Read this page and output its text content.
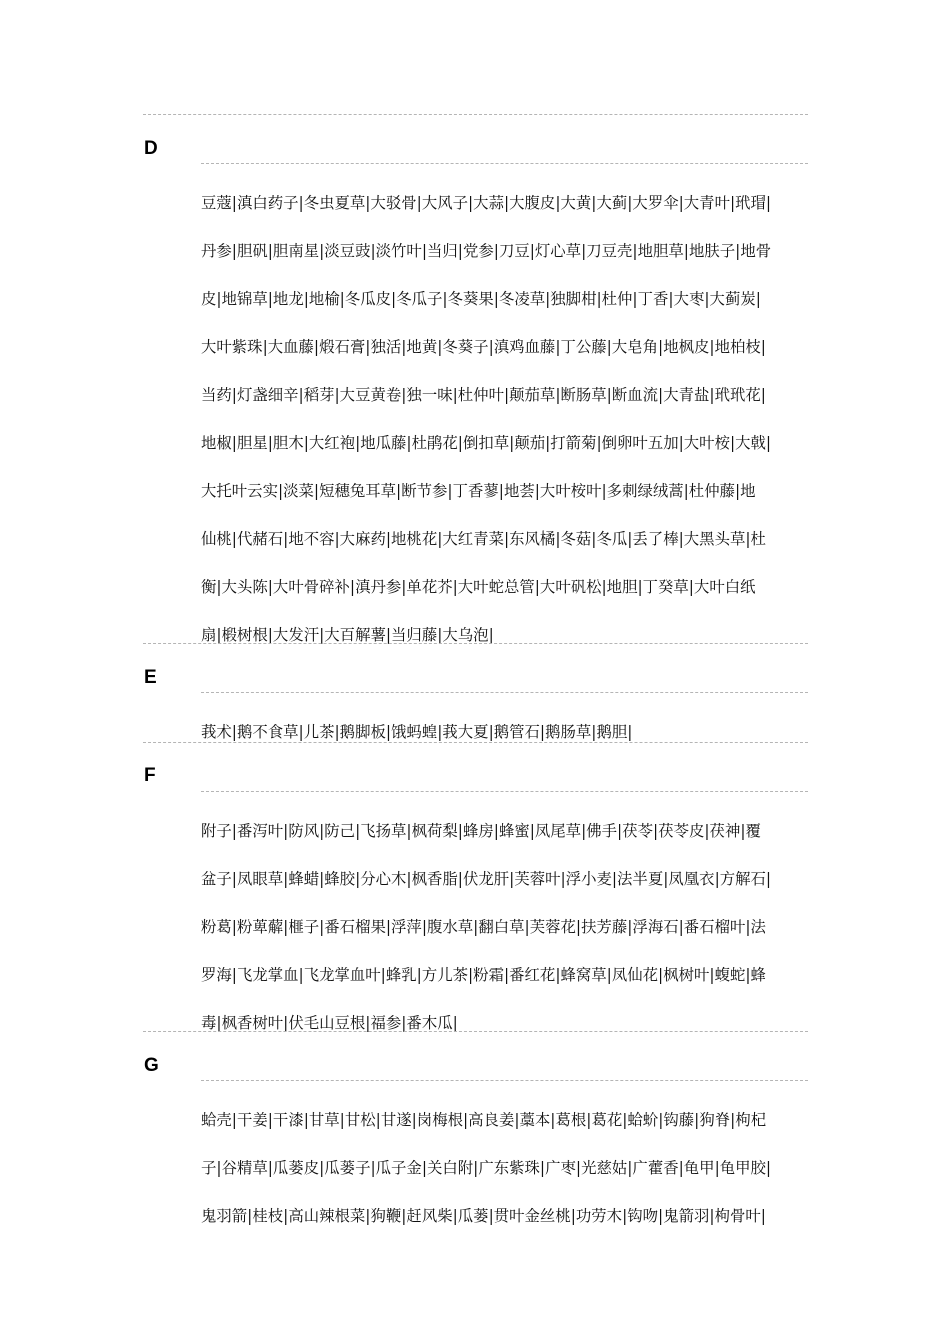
D
豆蔻|滇白药子|冬虫夏草|大驳骨|大风子|大蒜|大腹皮|大黄|大蓟|大罗伞|大青叶|玳瑁|
丹参|胆矾|胆南星|淡豆豉|淡竹叶|当归|党参|刀豆|灯心草|刀豆壳|地胆草|地肤子|地骨
皮|地锦草|地龙|地榆|冬瓜皮|冬瓜子|冬葵果|冬凌草|独脚柑|杜仲|丁香|大枣|大蓟炭|
大叶紫珠|大血藤|煅石膏|独活|地黄|冬葵子|滇鸡血藤|丁公藤|大皂角|地枫皮|地柏枝|
当药|灯盏细辛|稻芽|大豆黄卷|独一味|杜仲叶|颠茄草|断肠草|断血流|大青盐|玳玳花|
地椒|胆星|胆木|大红袍|地瓜藤|杜鹃花|倒扣草|颠茄|打箭菊|倒卵叶五加|大叶桉|大戟|
大托叶云实|淡菜|短穗兔耳草|断节参|丁香蓼|地荟|大叶桉叶|多刺绿绒蒿|杜仲藤|地
仙桃|代赭石|地不容|大麻药|地桃花|大红青菜|东风橘|冬菇|冬瓜|丢了棒|大黑头草|杜
衡|大头陈|大叶骨碎补|滇丹参|单花芥|大叶蛇总管|大叶矾松|地胆|丁癸草|大叶白纸
扇|椴树根|大发汗|大百解薯|当归藤|大乌泡|
E
莪术|鹅不食草|儿茶|鹅脚板|饿蚂蝗|莪大夏|鹅管石|鹅肠草|鹅胆|
F
附子|番泻叶|防风|防己|飞扬草|枫荷梨|蜂房|蜂蜜|凤尾草|佛手|茯苓|茯苓皮|茯神|覆
盆子|凤眼草|蜂蜡|蜂胶|分心木|枫香脂|伏龙肝|芙蓉叶|浮小麦|法半夏|凤凰衣|方解石|
粉葛|粉萆薢|榧子|番石榴果|浮萍|腹水草|翻白草|芙蓉花|扶芳藤|浮海石|番石榴叶|法
罗海|飞龙掌血|飞龙掌血叶|蜂乳|方儿茶|粉霜|番红花|蜂窝草|凤仙花|枫树叶|蝮蛇|蜂
毒|枫香树叶|伏毛山豆根|福参|番木瓜|
G
蛤壳|干姜|干漆|甘草|甘松|甘遂|岗梅根|高良姜|藁本|葛根|葛花|蛤蚧|钩藤|狗脊|枸杞
子|谷精草|瓜蒌皮|瓜蒌子|瓜子金|关白附|广东紫珠|广枣|光慈姑|广藿香|龟甲|龟甲胶|
鬼羽箭|桂枝|高山辣根菜|狗鞭|赶风柴|瓜蒌|贯叶金丝桃|功劳木|钩吻|鬼箭羽|枸骨叶|
